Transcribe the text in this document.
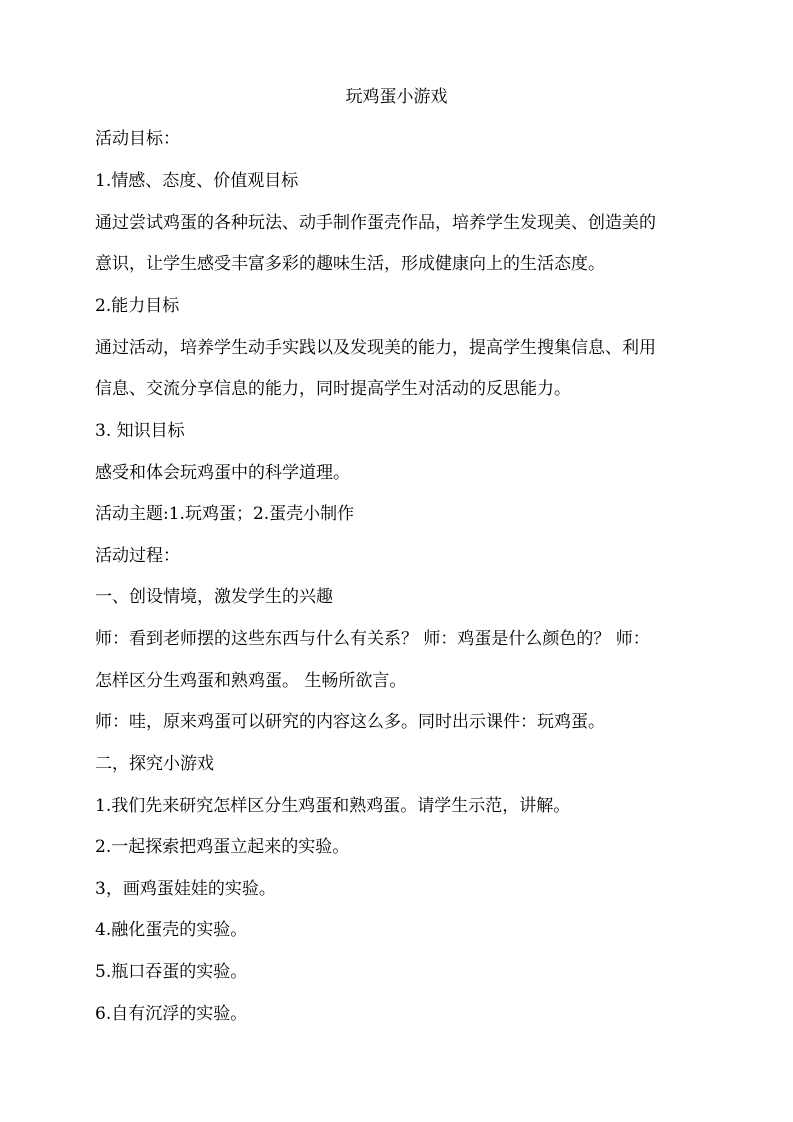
玩鸡蛋小游戏
活动目标：
1.情感、态度、价值观目标
通过尝试鸡蛋的各种玩法、动手制作蛋壳作品，培养学生发现美、创造美的
意识，让学生感受丰富多彩的趣味生活，形成健康向上的生活态度。
2.能力目标
通过活动，培养学生动手实践以及发现美的能力，提高学生搜集信息、利用
信息、交流分享信息的能力，同时提高学生对活动的反思能力。
3. 知识目标
感受和体会玩鸡蛋中的科学道理。
活动主题:1.玩鸡蛋；2.蛋壳小制作
活动过程：
一、创设情境，激发学生的兴趣
师：看到老师摆的这些东西与什么有关系？ 师：鸡蛋是什么颜色的？ 师：
怎样区分生鸡蛋和熟鸡蛋。 生畅所欲言。
师：哇，原来鸡蛋可以研究的内容这么多。同时出示课件：玩鸡蛋。
二，探究小游戏
1.我们先来研究怎样区分生鸡蛋和熟鸡蛋。请学生示范，讲解。
2.一起探索把鸡蛋立起来的实验。
3，画鸡蛋娃娃的实验。
4.融化蛋壳的实验。
5.瓶口吞蛋的实验。
6.自有沉浮的实验。
